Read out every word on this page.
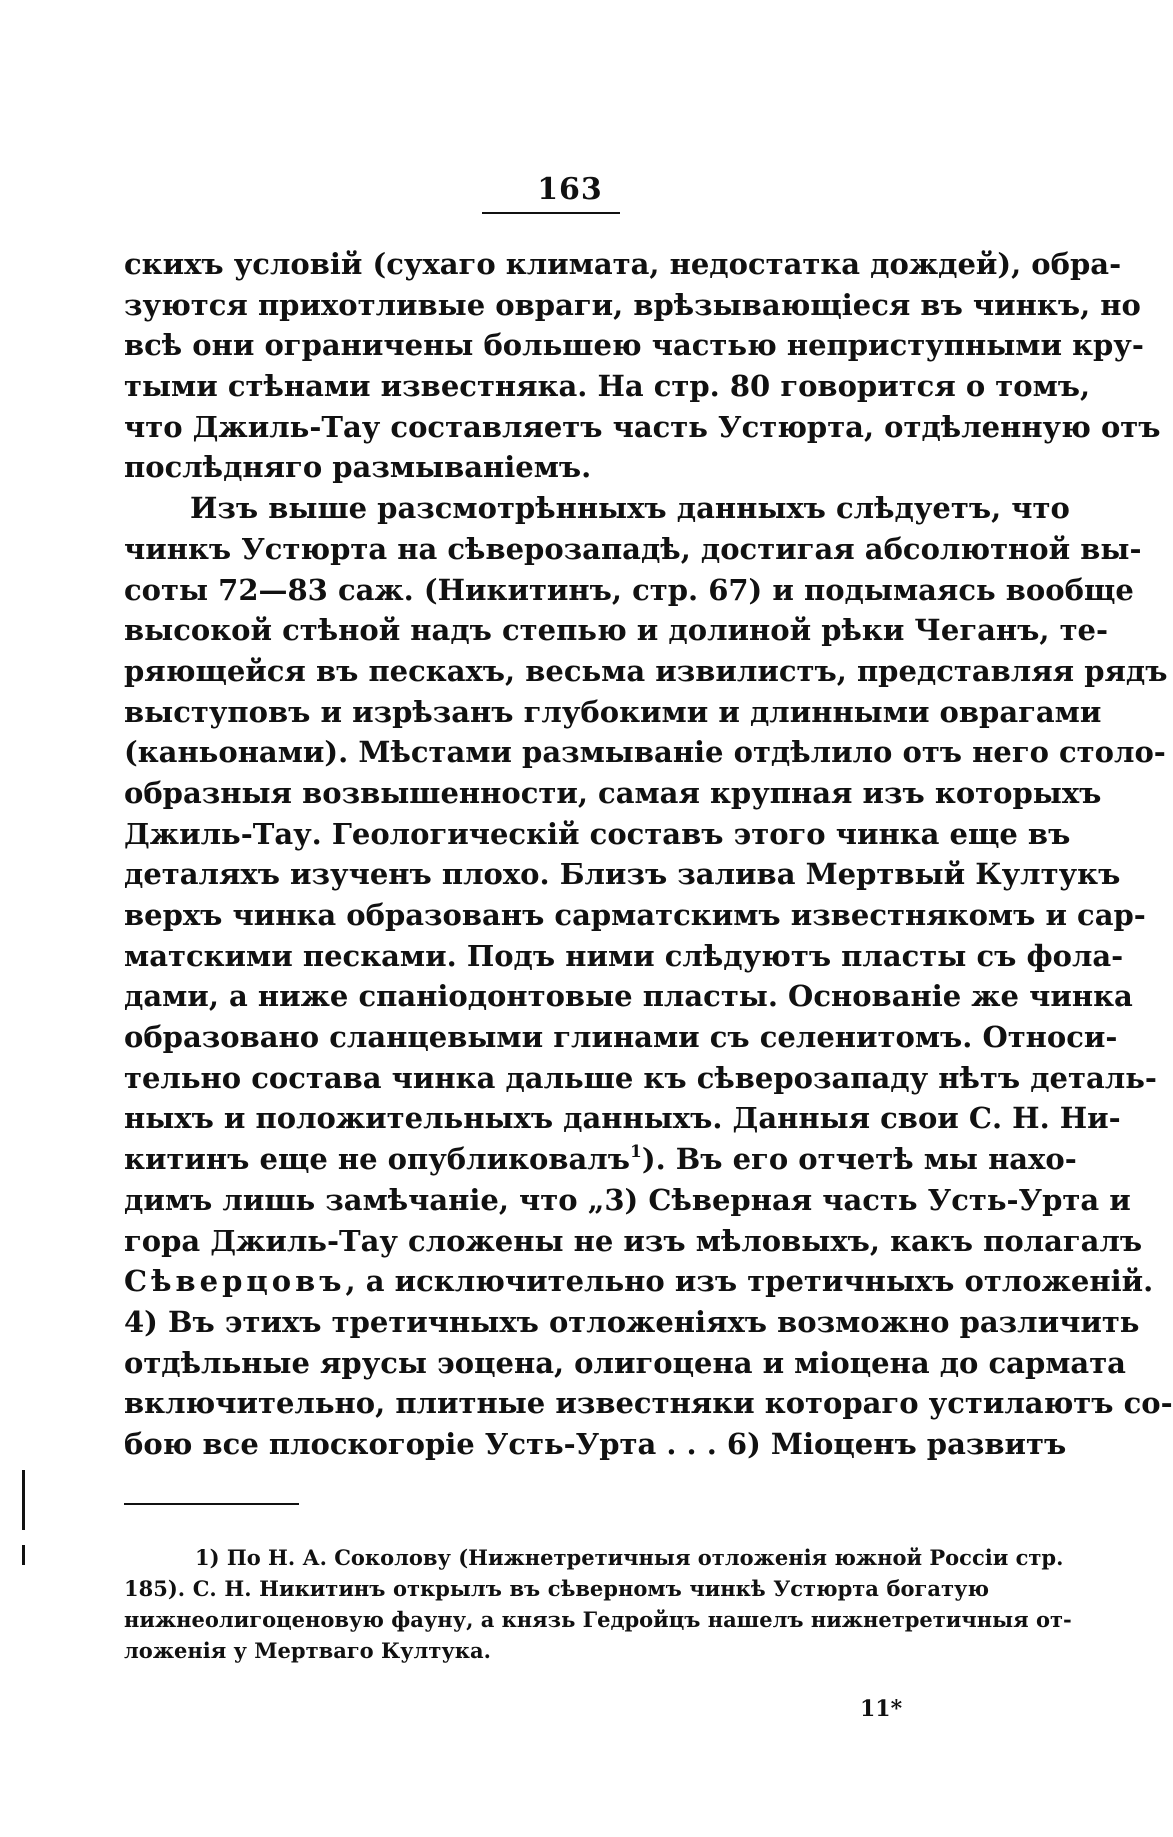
163
скихъ условій (сухаго климата, недостатка дождей), обра-
зуются прихотливые овраги, врѣзывающіеся въ чинкъ, но
всѣ они ограничены большею частью неприступными кру-
тыми стѣнами известняка. На стр. 80 говорится о томъ,
что Джиль-Тау составляетъ часть Устюрта, отдѣленную отъ
послѣдняго размываніемъ.
Изъ выше разсмотрѣнныхъ данныхъ слѣдуетъ, что
чинкъ Устюрта на сѣверозападѣ, достигая абсолютной вы-
соты 72—83 саж. (Никитинъ, стр. 67) и подымаясь вообще
высокой стѣной надъ степью и долиной рѣки Чеганъ, те-
ряющейся въ пескахъ, весьма извилистъ, представляя рядъ
выступовъ и изрѣзанъ глубокими и длинными оврагами
(каньонами). Мѣстами размываніе отдѣлило отъ него столо-
образныя возвышенности, самая крупная изъ которыхъ
Джиль-Тау. Геологическій составъ этого чинка еще въ
деталяхъ изученъ плохо. Близъ залива Мертвый Култукъ
верхъ чинка образованъ сарматскимъ известнякомъ и сар-
матскими песками. Подъ ними слѣдуютъ пласты съ фола-
дами, а ниже спаніодонтовые пласты. Основаніе же чинка
образовано сланцевыми глинами съ селенитомъ. Относи-
тельно состава чинка дальше къ сѣверозападу нѣтъ деталь-
ныхъ и положительныхъ данныхъ. Данныя свои С. Н. Ни-
китинъ еще не опубликовалъ$^1$). Въ его отчетѣ мы нахо-
димъ лишь замѣчаніе, что „3) Сѣверная часть Усть-Урта и
гора Джиль-Тау сложены не изъ мѣловыхъ, какъ полагалъ
Сѣверцовъ, а исключительно изъ третичныхъ отложеній.
4) Въ этихъ третичныхъ отложеніяхъ возможно различить
отдѣльные ярусы эоцена, олигоцена и міоцена до сармата
включительно, плитные известняки котораго устилаютъ со-
бою все плоскогоріе Усть-Урта . . . 6) Міоценъ развитъ
1) По Н. А. Соколову (Нижнетретичныя отложенія южной Россіи стр.
185). С. Н. Никитинъ открылъ въ сѣверномъ чинкѣ Устюрта богатую
нижнеолигоценовую фауну, а князь Гедройцъ нашелъ нижнетретичныя от-
ложенія у Мертваго Култука.
11*
